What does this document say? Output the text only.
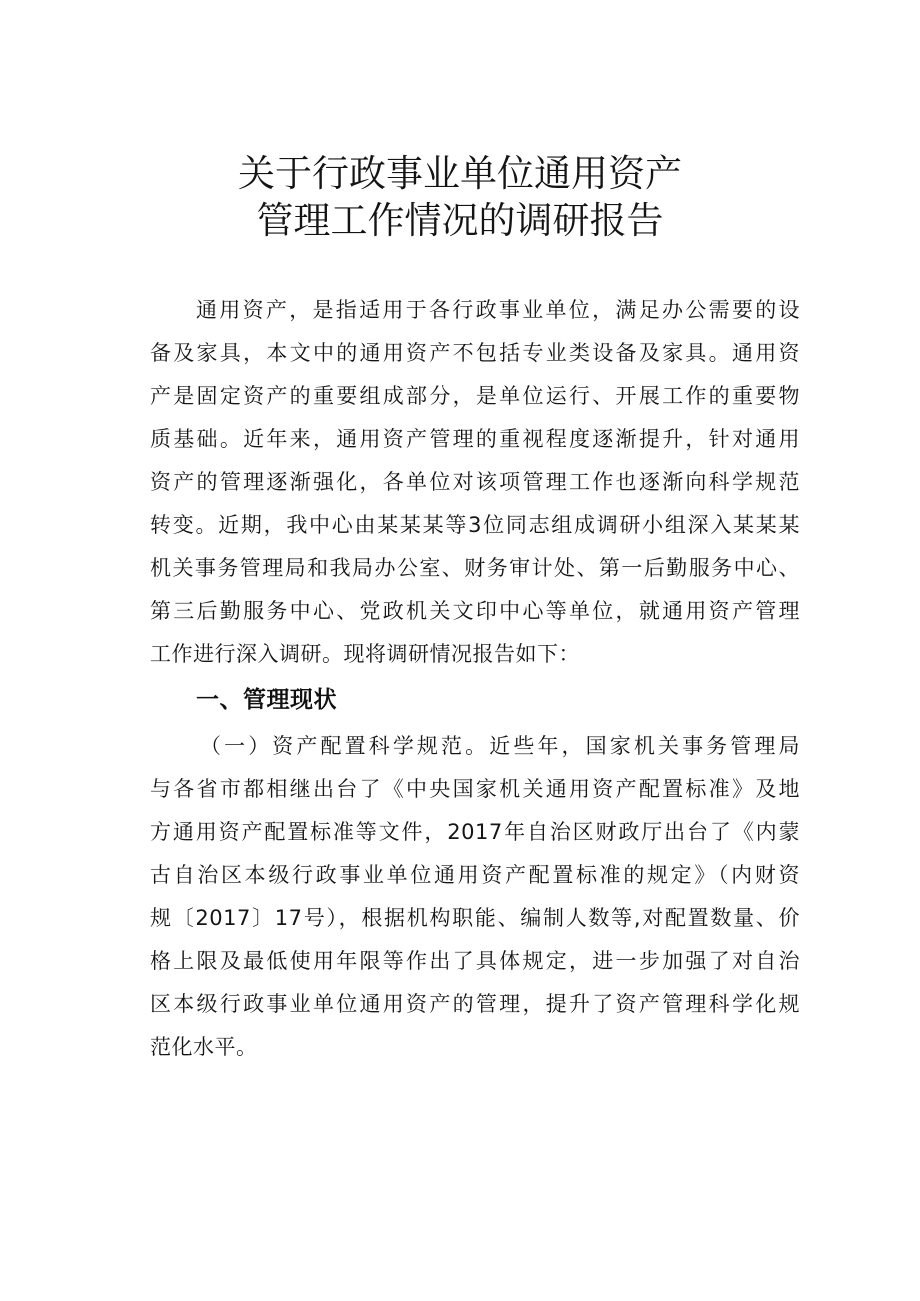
关于行政事业单位通用资产
管理工作情况的调研报告
通用资产，是指适用于各行政事业单位，满足办公需要的设
备及家具，本文中的通用资产不包括专业类设备及家具。通用资
产是固定资产的重要组成部分，是单位运行、开展工作的重要物
质基础。近年来，通用资产管理的重视程度逐渐提升，针对通用
资产的管理逐渐强化，各单位对该项管理工作也逐渐向科学规范
转变。近期，我中心由某某某等3位同志组成调研小组深入某某某
机关事务管理局和我局办公室、财务审计处、第一后勤服务中心、
第三后勤服务中心、党政机关文印中心等单位，就通用资产管理
工作进行深入调研。现将调研情况报告如下：
一、管理现状
（一）资产配置科学规范。近些年，国家机关事务管理局
与各省市都相继出台了《中央国家机关通用资产配置标准》及地
方通用资产配置标准等文件，2017年自治区财政厅出台了《内蒙
古自治区本级行政事业单位通用资产配置标准的规定》（内财资
规〔2017〕17号），根据机构职能、编制人数等,对配置数量、价
格上限及最低使用年限等作出了具体规定，进一步加强了对自治
区本级行政事业单位通用资产的管理，提升了资产管理科学化规
范化水平。
